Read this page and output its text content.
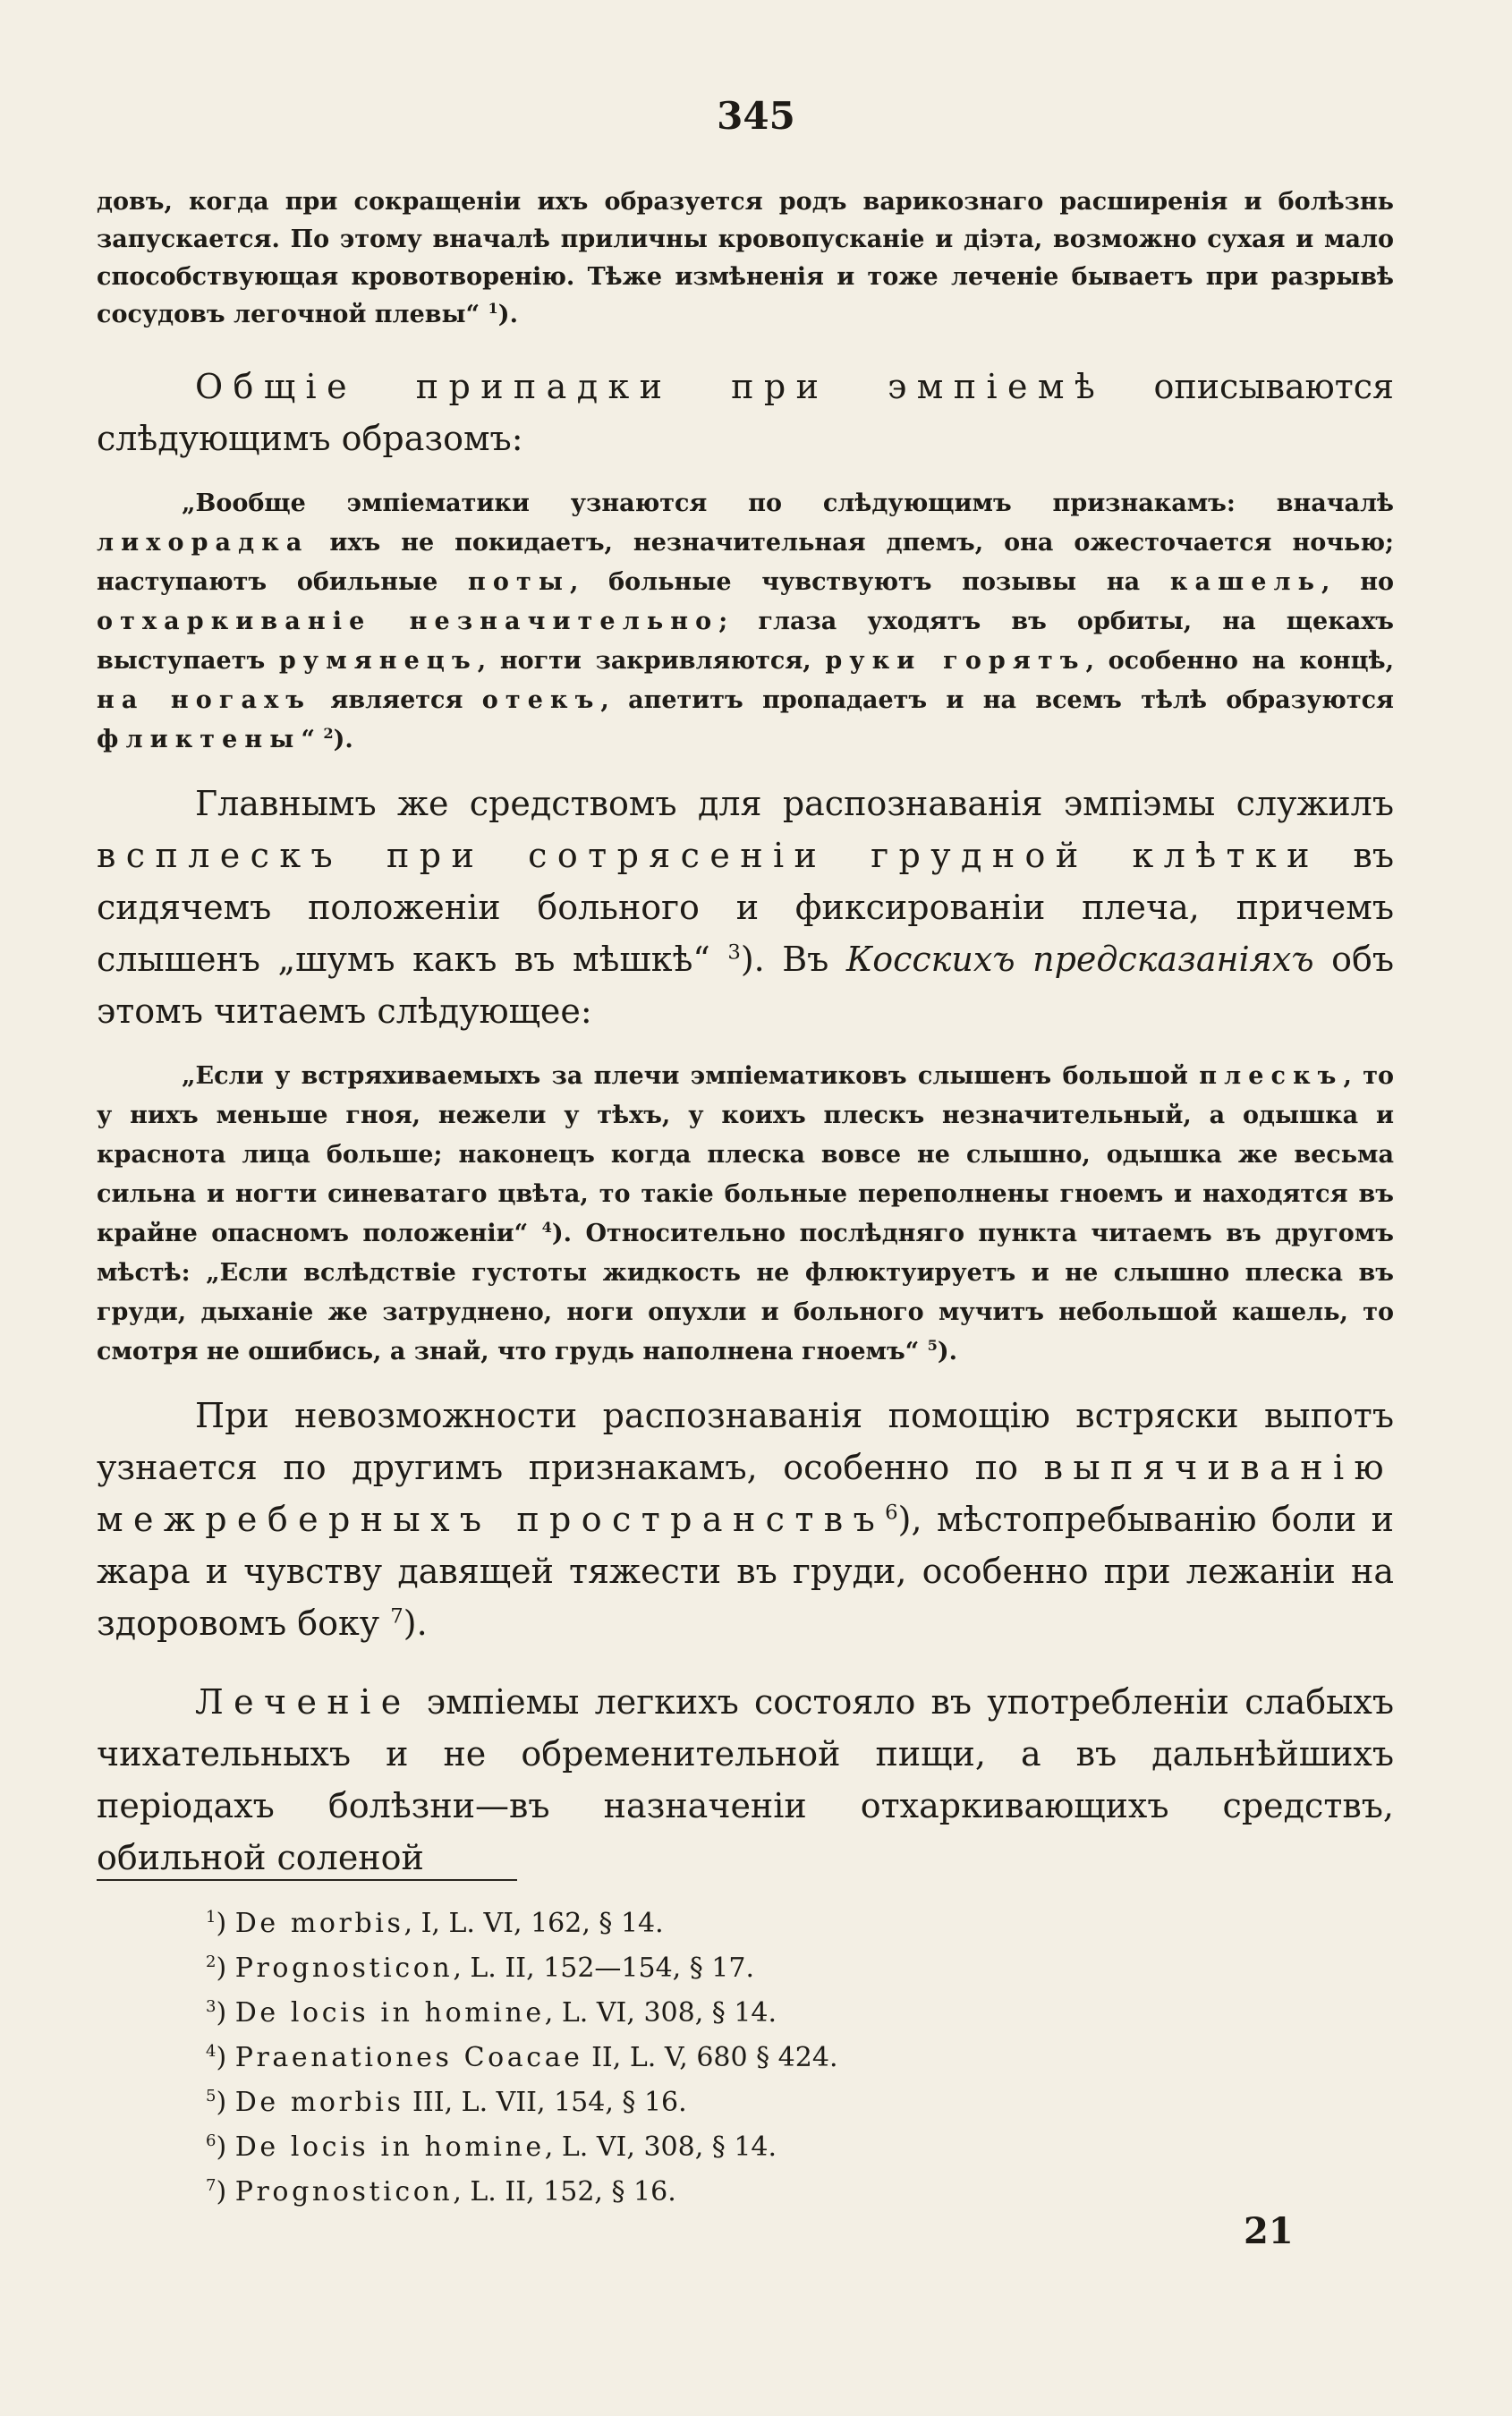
345

довъ, когда при сокращеніи ихъ образуется родъ варикознаго расширенія и болѣзнь запускается. По этому вначалѣ приличны кровопусканіе и діэта, возможно сухая и мало способствующая кровотворенію. Тѣже измѣненія и тоже леченіе бываетъ при разрывѣ сосудовъ легочной плевы“ $^1$).

Общіе припадки при эмпіемѣ описываются слѣдующимъ образомъ:

„Вообще эмпіематики узнаются по слѣдующимъ признакамъ: вначалѣ лихорадка ихъ не покидаетъ, незначительная дпемъ, она ожесточается ночью; наступаютъ обильные поты, больные чувствуютъ позывы на кашель, но отхаркиваніе незначительно; глаза уходятъ въ орбиты, на щекахъ выступаетъ румянецъ, ногти закривляются, руки горятъ, особенно на концѣ, на ногахъ является отекъ, апетитъ пропадаетъ и на всемъ тѣлѣ образуются фликтены“ $^2$).

Главнымъ же средствомъ для распознаванія эмпіэмы служилъ всплескъ при сотрясеніи грудной клѣтки въ сидячемъ положеніи больного и фиксированіи плеча, причемъ слышенъ „шумъ какъ въ мѣшкѣ“ $^3$). Въ Косскихъ предсказаніяхъ объ этомъ читаемъ слѣдующее:

„Если у встряхиваемыхъ за плечи эмпіематиковъ слышенъ большой плескъ, то у нихъ меньше гноя, нежели у тѣхъ, у коихъ плескъ незначительный, а одышка и краснота лица больше; наконецъ когда плеска вовсе не слышно, одышка же весьма сильна и ногти синеватаго цвѣта, то такіе больные переполнены гноемъ и находятся въ крайне опасномъ положеніи“ $^4$). Относительно послѣдняго пункта читаемъ въ другомъ мѣстѣ: „Если вслѣдствіе густоты жидкость не флюктуируетъ и не слышно плеска въ груди, дыханіе же затруднено, ноги опухли и больного мучитъ небольшой кашель, то смотря не ошибись, а знай, что грудь наполнена гноемъ“ $^5$).

При невозможности распознаванія помощію встряски выпотъ узнается по другимъ признакамъ, особенно по выпячиванію межреберныхъ пространствъ$^6$), мѣстопребыванію боли и жара и чувству давящей тяжести въ груди, особенно при лежаніи на здоровомъ боку $^7$).

Леченіе эмпіемы легкихъ состояло въ употребленіи слабыхъ чихательныхъ и не обременительной пищи, а въ дальнѣйшихъ періодахъ болѣзни—въ назначеніи отхаркивающихъ средствъ, обильной соленой

$^1$) De morbis, I, L. VI, 162, § 14.

$^2$) Prognosticon, L. II, 152—154, § 17.

$^3$) De locis in homine, L. VI, 308, § 14.

$^4$) Praenationes Coacae II, L. V, 680 § 424.

$^5$) De morbis III, L. VII, 154, § 16.

$^6$) De locis in homine, L. VI, 308, § 14.

$^7$) Prognosticon, L. II, 152, § 16.

21
